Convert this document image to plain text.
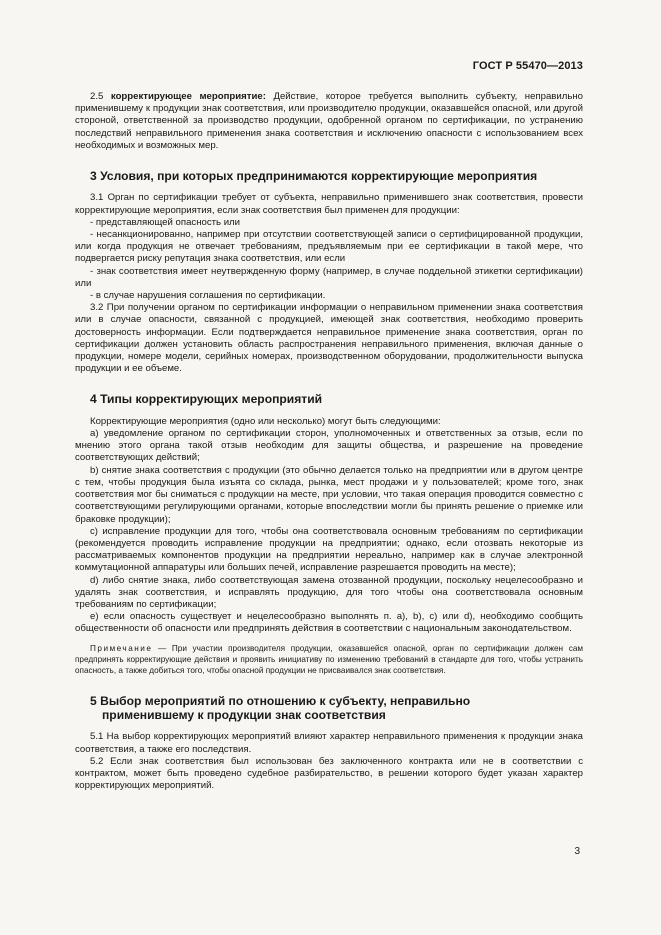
ГОСТ Р 55470—2013

2.5 корректирующее мероприятие: Действие, которое требуется выполнить субъекту, неправильно применившему к продукции знак соответствия, или производителю продукции, оказавшейся опасной, или другой стороной, ответственной за производство продукции, одобренной органом по сертификации, по устранению последствий неправильного применения знака соответствия и исключению опасности с использованием всех необходимых и возможных мер.

3 Условия, при которых предпринимаются корректирующие мероприятия

3.1 Орган по сертификации требует от субъекта, неправильно применившего знак соответствия, провести корректирующие мероприятия, если знак соответствия был применен для продукции:

- представляющей опасность или

- несанкционированно, например при отсутствии соответствующей записи о сертифицированной продукции, или когда продукция не отвечает требованиям, предъявляемым при ее сертификации в такой мере, что подвергается риску репутация знака соответствия, или если

- знак соответствия имеет неутвержденную форму (например, в случае поддельной этикетки сертификации) или

- в случае нарушения соглашения по сертификации.

3.2 При получении органом по сертификации информации о неправильном применении знака соответствия или в случае опасности, связанной с продукцией, имеющей знак соответствия, необходимо проверить достоверность информации. Если подтверждается неправильное применение знака соответствия, орган по сертификации должен установить область распространения неправильного применения, включая данные о продукции, номере модели, серийных номерах, производственном оборудовании, продолжительности выпуска продукции и ее объеме.

4 Типы корректирующих мероприятий

Корректирующие мероприятия (одно или несколько) могут быть следующими:

а) уведомление органом по сертификации сторон, уполномоченных и ответственных за отзыв, если по мнению этого органа такой отзыв необходим для защиты общества, и разрешение на проведение соответствующих действий;

b) снятие знака соответствия с продукции (это обычно делается только на предприятии или в другом центре с тем, чтобы продукция была изъята со склада, рынка, мест продажи и у пользователей; кроме того, знак соответствия мог бы сниматься с продукции на месте, при условии, что такая операция проводится совместно с соответствующими регулирующими органами, которые впоследствии могли бы принять решение о приемке или браковке продукции);

c) исправление продукции для того, чтобы она соответствовала основным требованиям по сертификации (рекомендуется проводить исправление продукции на предприятии; однако, если отозвать некоторые из рассматриваемых компонентов продукции на предприятии нереально, например как в случае электронной коммутационной аппаратуры или больших печей, исправление разрешается проводить на месте);

d) либо снятие знака, либо соответствующая замена отозванной продукции, поскольку нецелесообразно и удалять знак соответствия, и исправлять продукцию, для того чтобы она соответствовала основным требованиям по сертификации;

е) если опасность существует и нецелесообразно выполнять п. а), b), c) или d), необходимо сообщить общественности об опасности или предпринять действия в соответствии с национальным законодательством.

Примечание — При участии производителя продукции, оказавшейся опасной, орган по сертификации должен сам предпринять корректирующие действия и проявить инициативу по изменению требований в стандарте для того, чтобы устранить опасность, а также добиться того, чтобы опасной продукции не присваивался знак соответствия.

5 Выбор мероприятий по отношению к субъекту, неправильно
применившему к продукции знак соответствия

5.1 На выбор корректирующих мероприятий влияют характер неправильного применения к продукции знака соответствия, а также его последствия.

5.2 Если знак соответствия был использован без заключенного контракта или не в соответствии с контрактом, может быть проведено судебное разбирательство, в решении которого будет указан характер корректирующих мероприятий.

3
